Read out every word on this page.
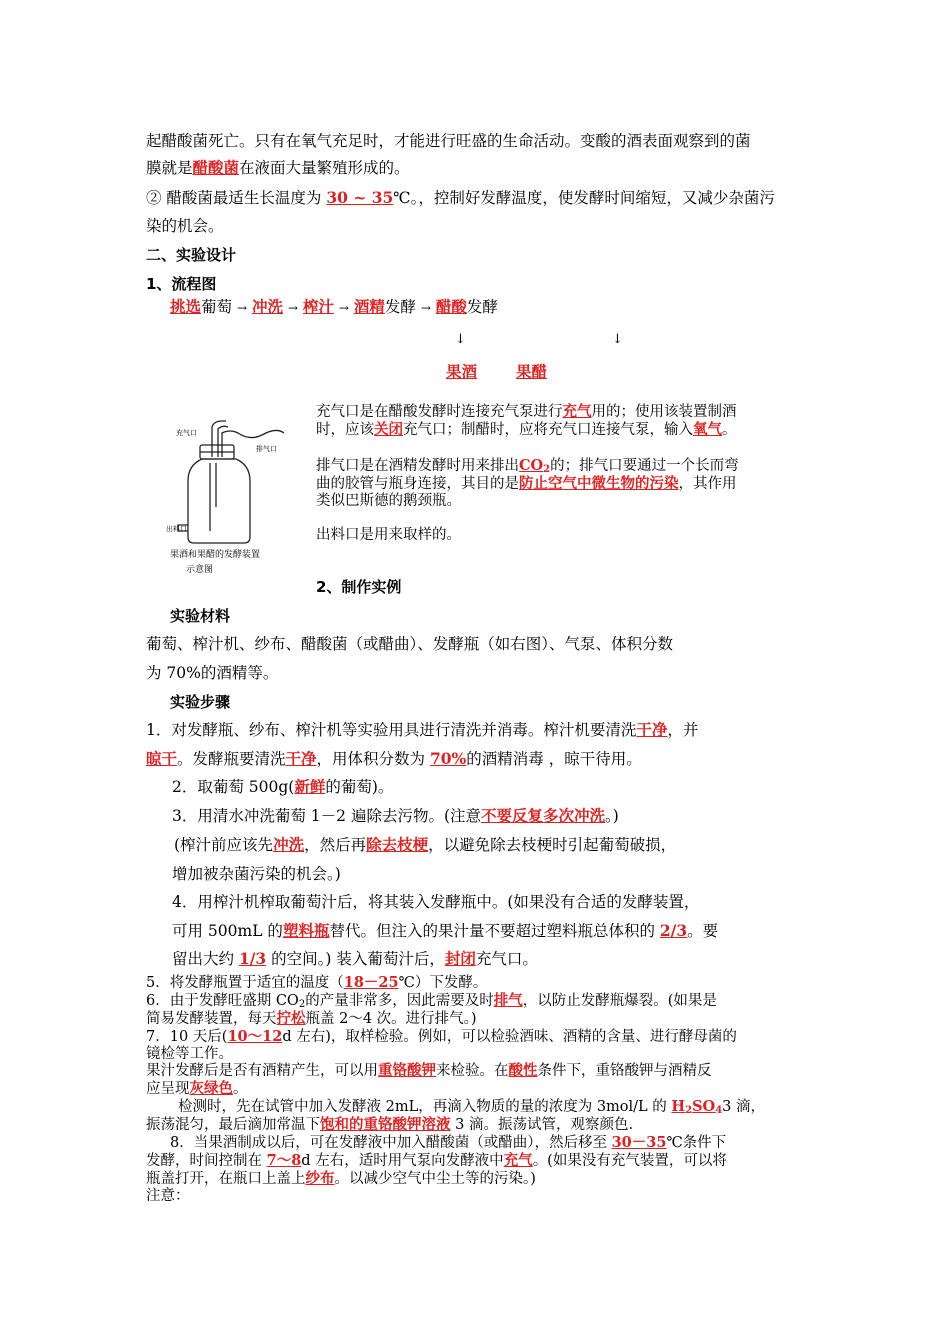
起醋酸菌死亡。只有在氧气充足时，才能进行旺盛的生命活动。变酸的酒表面观察到的菌
膜就是醋酸菌在液面大量繁殖形成的。
② 醋酸菌最适生长温度为 30 ~ 35℃。，控制好发酵温度，使发酵时间缩短，又减少杂菌污
染的机会。
二、实验设计
1、流程图
挑选葡萄 → 冲洗 → 榨汁 → 酒精发酵 → 醋酸发酵
↓	↓
果酒	果醋
充气口
排气口
出料口
果酒和果醋的发酵装置
示意图
充气口是在醋酸发酵时连接充气泵进行充气用的；使用该装置制酒
时，应该关闭充气口；制醋时，应将充气口连接气泵，输入氧气。
排气口是在酒精发酵时用来排出$CO_2$的；排气口要通过一个长而弯
曲的胶管与瓶身连接，其目的是防止空气中微生物的污染，其作用
类似巴斯德的鹅颈瓶。
出料口是用来取样的。
2、制作实例
实验材料
葡萄、榨汁机、纱布、醋酸菌（或醋曲）、发酵瓶（如右图）、气泵、体积分数
为 70%的酒精等。
实验步骤
1．对发酵瓶、纱布、榨汁机等实验用具进行清洗并消毒。榨汁机要清洗干净，并
晾干。发酵瓶要清洗干净，用体积分数为 70%的酒精消毒 ，晾干待用。
2．取葡萄 500g(新鲜的葡萄)。
3．用清水冲洗葡萄 1－2 遍除去污物。(注意不要反复多次冲洗。)
(榨汁前应该先冲洗，然后再除去枝梗，以避免除去枝梗时引起葡萄破损，
增加被杂菌污染的机会。)
4．用榨汁机榨取葡萄汁后，将其装入发酵瓶中。(如果没有合适的发酵装置，
可用 500mL 的塑料瓶替代。但注入的果汁量不要超过塑料瓶总体积的 2/3。要
留出大约 1/3 的空间。) 装入葡萄汁后，封闭充气口。
5．将发酵瓶置于适宜的温度（18－25℃）下发酵。
6．由于发酵旺盛期 $CO_2$的产量非常多，因此需要及时排气，以防止发酵瓶爆裂。(如果是
简易发酵装置，每天拧松瓶盖 2～4 次。进行排气。)
7．10 天后(10～12d 左右)，取样检验。例如，可以检验酒味、酒精的含量、进行酵母菌的
镜检等工作。
果汁发酵后是否有酒精产生，可以用重铬酸钾来检验。在酸性条件下，重铬酸钾与酒精反
应呈现灰绿色。
检测时，先在试管中加入发酵液 2mL，再滴入物质的量的浓度为 3mol/L 的 $H_2SO_43$ 滴，
振荡混匀，最后滴加常温下饱和的重铬酸钾溶液 3 滴。振荡试管，观察颜色.
8．当果酒制成以后，可在发酵液中加入醋酸菌（或醋曲），然后移至 30－35℃条件下
发酵，时间控制在 7～8d 左右，适时用气泵向发酵液中充气。(如果没有充气装置，可以将
瓶盖打开，在瓶口上盖上纱布。以减少空气中尘土等的污染。)
注意：
